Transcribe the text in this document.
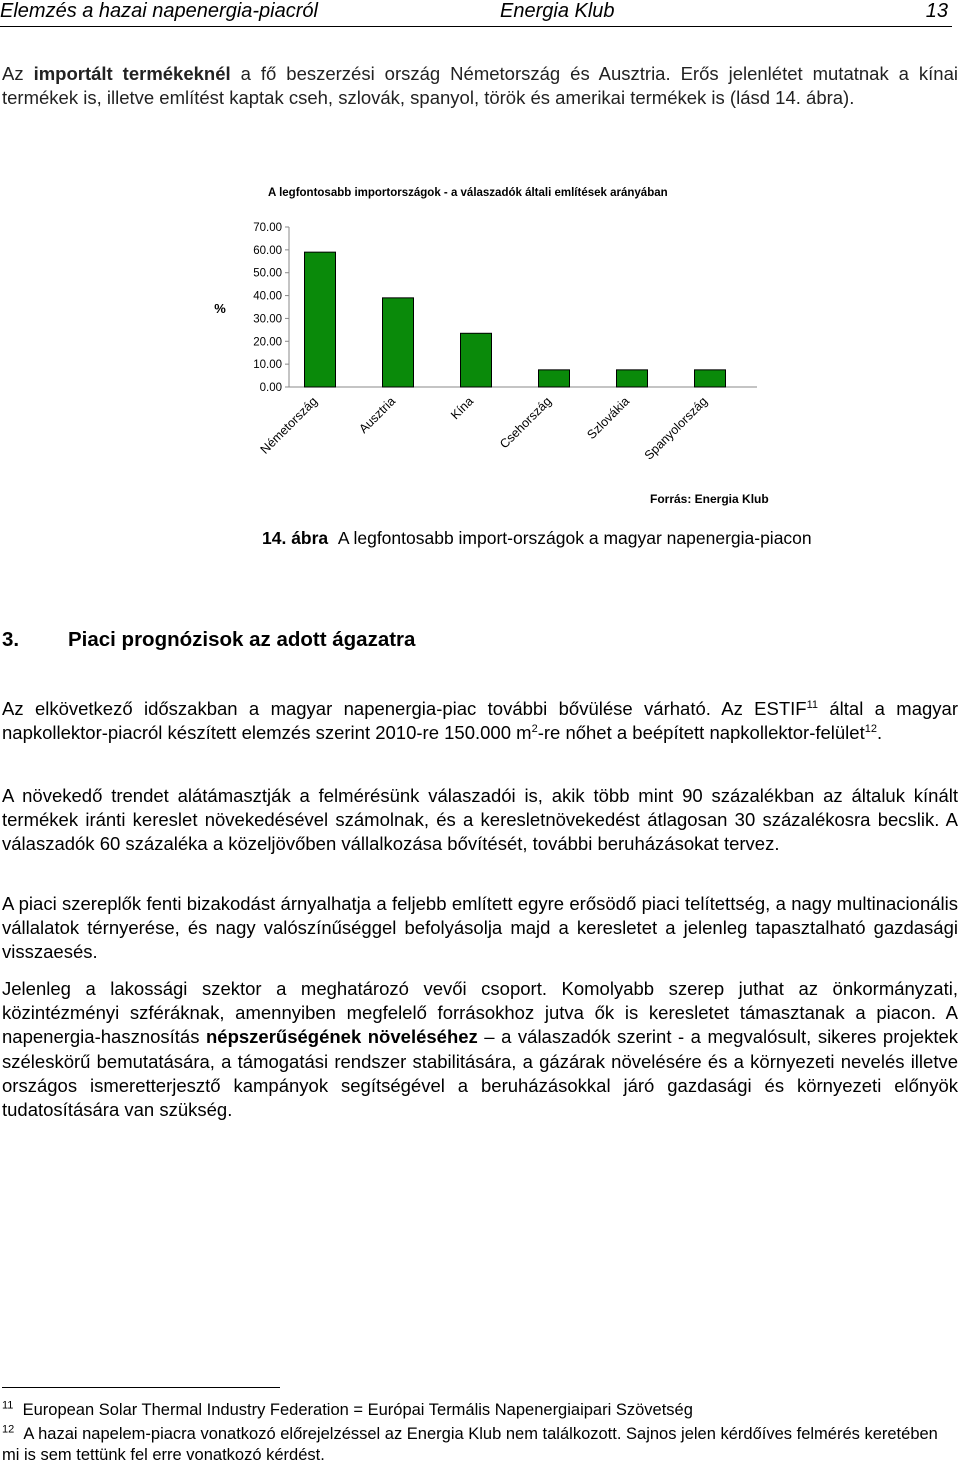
Elemzés a hazai napenergia-piacról	Energia Klub	13

Az importált termékeknél a fő beszerzési ország Németország és Ausztria. Erős jelenlétet mutatnak a kínai termékek is, illetve említést kaptak cseh, szlovák, spanyol, török és amerikai termékek is (lásd 14. ábra).

A legfontosabb importországok - a válaszadók általi említések arányában
70.00
60.00
50.00
40.00
30.00
20.00
10.00
0.00
%
Németország	Ausztria	Kína Csehország Szlovákia Spanyolország
Forrás: Energia Klub
14. ábra A legfontosabb import-országok a magyar napenergia-piacon
3. Piaci prognózisok az adott ágazatra

Az elkövetkező időszakban a magyar napenergia-piac további bővülése várható. Az ESTIF$^{11}$ által a magyar napkollektor-piacról készített elemzés szerint 2010-re 150.000 $m^2-re$ nőhet a beépített napkollektor-felület$^{12}$.

A növekedő trendet alátámasztják a felmérésünk válaszadói is, akik több mint 90 százalékban az általuk kínált termékek iránti kereslet növekedésével számolnak, és a keresletnövekedést átlagosan 30 százalékosra becslik. A válaszadók 60 százaléka a közeljövőben vállalkozása bővítését, további beruházásokat tervez.

A piaci szereplők fenti bizakodást árnyalhatja a feljebb említett egyre erősödő piaci telítettség, a nagy multinacionális vállalatok térnyerése, és nagy valószínűséggel befolyásolja majd a keresletet a jelenleg tapasztalható gazdasági visszaesés.

Jelenleg a lakossági szektor a meghatározó vevői csoport. Komolyabb szerep juthat az önkormányzati, közintézményi szféráknak, amennyiben megfelelő forrásokhoz jutva ők is keresletet támasztanak a piacon. A napenergia-hasznosítás népszerűségének növeléséhez – a válaszadók szerint - a megvalósult, sikeres projektek széleskörű bemutatására, a támogatási rendszer stabilitására, a gázárak növelésére és a környezeti nevelés illetve országos ismeretterjesztő kampányok segítségével a beruházásokkal járó gazdasági és környezeti előnyök tudatosítására van szükség.

$^{11}$ European Solar Thermal Industry Federation = Európai Termális Napenergiaipari Szövetség

$^{12}$ A hazai napelem-piacra vonatkozó előrejelzéssel az Energia Klub nem találkozott. Sajnos jelen kérdőíves felmérés keretében mi is sem tettünk fel erre vonatkozó kérdést.
